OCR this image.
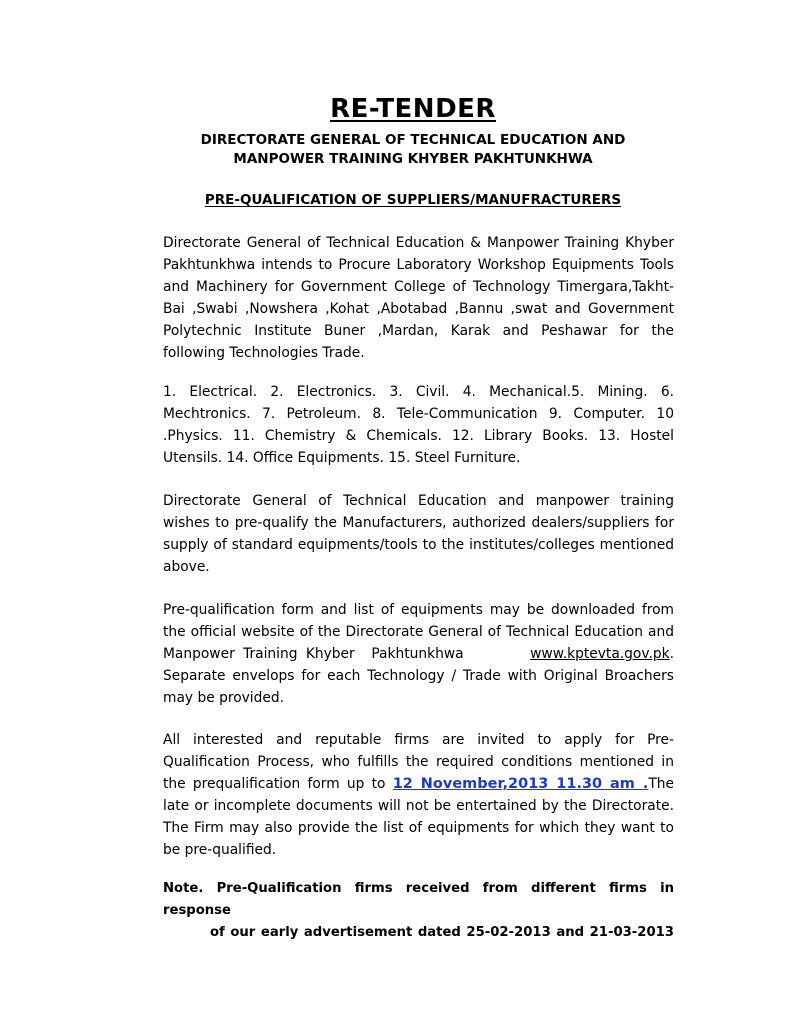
RE-TENDER
DIRECTORATE GENERAL OF TECHNICAL EDUCATION AND
MANPOWER TRAINING KHYBER PAKHTUNKHWA
PRE-QUALIFICATION OF SUPPLIERS/MANUFRACTURERS

Directorate General of Technical Education & Manpower Training Khyber Pakhtunkhwa intends to Procure Laboratory Workshop Equipments Tools and Machinery for Government College of Technology Timergara,Takht-Bai ,Swabi ,Nowshera ,Kohat ,Abotabad ,Bannu ,swat and Government Polytechnic Institute Buner ,Mardan, Karak and Peshawar for the following Technologies Trade.

1. Electrical. 2. Electronics. 3. Civil. 4. Mechanical.5. Mining. 6. Mechtronics. 7. Petroleum. 8. Tele-Communication 9. Computer. 10 .Physics. 11. Chemistry & Chemicals. 12. Library Books. 13. Hostel Utensils. 14. Office Equipments. 15. Steel Furniture.

Directorate General of Technical Education and manpower training wishes to pre-qualify the Manufacturers, authorized dealers/suppliers for supply of standard equipments/tools to the institutes/colleges mentioned above.

Pre-qualification form and list of equipments may be downloaded from the official website of the Directorate General of Technical Education and Manpower Training Khyber  Pakhtunkhwa        www.kptevta.gov.pk. Separate envelops for each Technology / Trade with Original Broachers may be provided.

All interested and reputable firms are invited to apply for Pre-Qualification Process, who fulfills the required conditions mentioned in the prequalification form up to 12 November,2013 11.30 am .The late or incomplete documents will not be entertained by the Directorate. The Firm may also provide the list of equipments for which they want to be pre-qualified.

Note. Pre-Qualification firms received from different firms in response
of our early advertisement dated 25-02-2013 and 21-03-2013
